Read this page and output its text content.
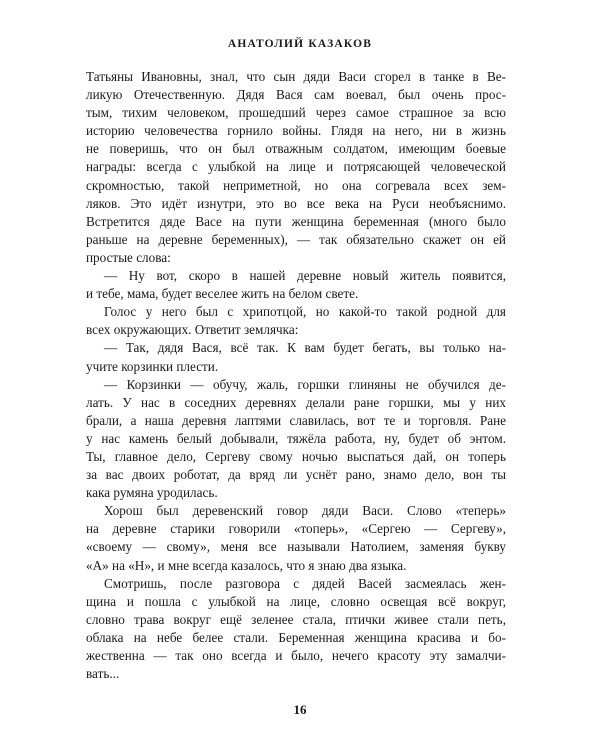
АНАТОЛИЙ КАЗАКОВ
Татьяны Ивановны, знал, что сын дяди Васи сгорел в танке в Ве-
ликую Отечественную. Дядя Вася сам воевал, был очень прос-
тым, тихим человеком, прошедший через самое страшное за всю
историю человечества горнило войны. Глядя на него, ни в жизнь
не поверишь, что он был отважным солдатом, имеющим боевые
награды: всегда с улыбкой на лице и потрясающей человеческой
скромностью, такой неприметной, но она согревала всех зем-
ляков. Это идёт изнутри, это во все века на Руси необъяснимо.
Встретится дяде Васе на пути женщина беременная (много было
раньше на деревне беременных), — так обязательно скажет он ей
простые слова:
— Ну вот, скоро в нашей деревне новый житель появится,
и тебе, мама, будет веселее жить на белом свете.
Голос у него был с хрипотцой, но какой-то такой родной для
всех окружающих. Ответит землячка:
— Так, дядя Вася, всё так. К вам будет бегать, вы только на-
учите корзинки плести.
— Корзинки — обучу, жаль, горшки глиняны не обучился де-
лать. У нас в соседних деревнях делали ране горшки, мы у них
брали, а наша деревня лаптями славилась, вот те и торговля. Ране
у нас камень белый добывали, тяжёла работа, ну, будет об энтом.
Ты, главное дело, Сергеву свому ночью выспаться дай, он топерь
за вас двоих роботат, да вряд ли уснёт рано, знамо дело, вон ты
кака румяна уродилась.
Хорош был деревенский говор дяди Васи. Слово «теперь»
на деревне старики говорили «топерь», «Сергею — Сергеву»,
«своему — свому», меня все называли Натолием, заменяя букву
«А» на «Н», и мне всегда казалось, что я знаю два языка.
Смотришь, после разговора с дядей Васей засмеялась жен-
щина и пошла с улыбкой на лице, словно освещая всё вокруг,
словно трава вокруг ещё зеленее стала, птички живее стали петь,
облака на небе белее стали. Беременная женщина красива и бо-
жественна — так оно всегда и было, нечего красоту эту замалчи-
вать...
16
